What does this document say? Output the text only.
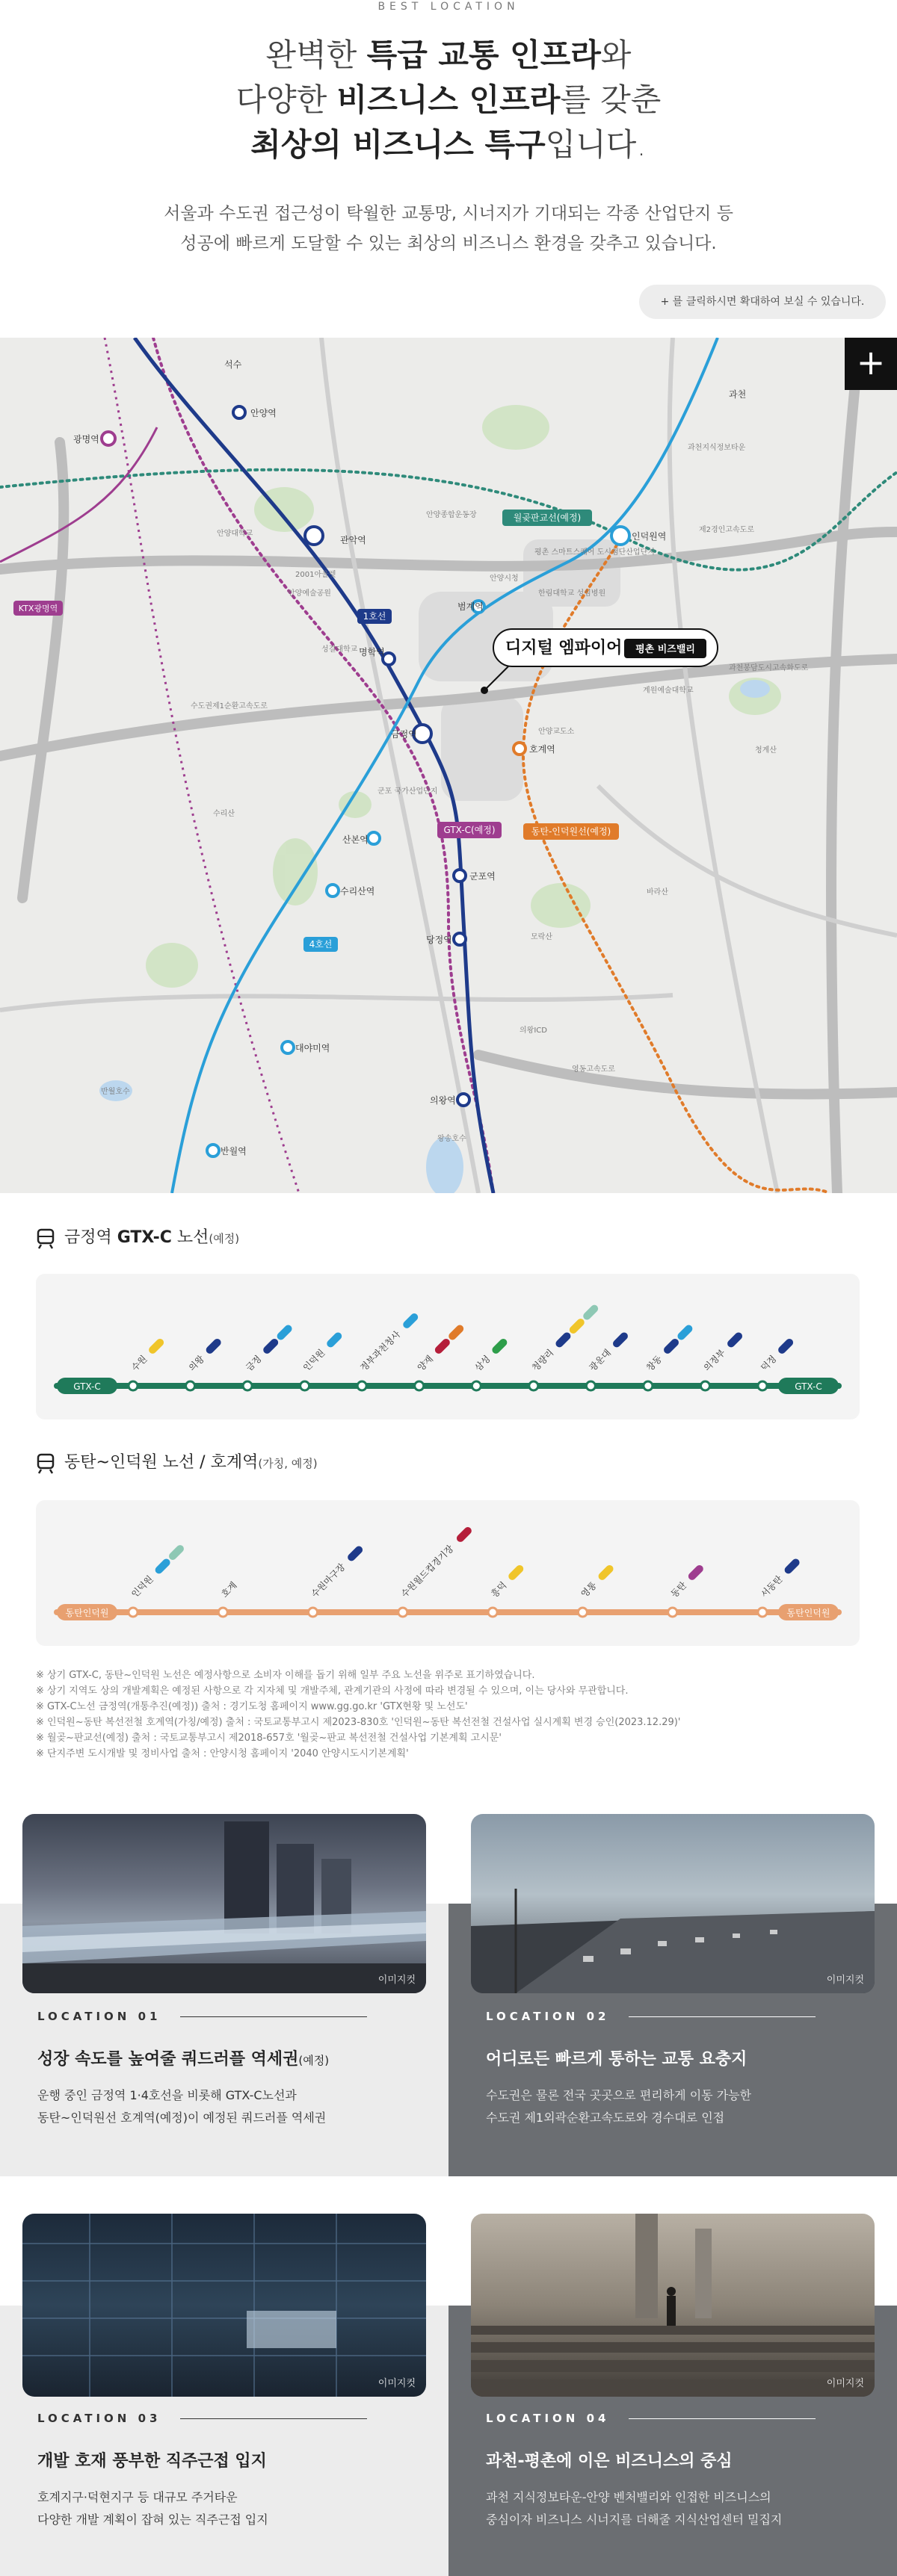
BEST LOCATION
완벽한 특급 교통 인프라와
다양한 비즈니스 인프라를 갖춘
최상의 비즈니스 특구입니다.
서울과 수도권 접근성이 탁월한 교통망, 시너지가 기대되는 각종 산업단지 등
성공에 빠르게 도달할 수 있는 최상의 비즈니스 환경을 갖추고 있습니다.
+ 를 클릭하시면 확대하여 보실 수 있습니다.
안양역
광명역
인덕원역
범계역
금정역
명학역
군포역
당정역
의왕역
산본역
수리산역
대야미역
반월역
호계역
과천
석수
관악역
안양종합운동장
안양대학교
2001아울렛	안양시청
평촌 스마트스퀘어 도시첨단산업단지
한림대학교 성심병원
제2경인고속도로
과천봉담도시고속화도로
안양예술공원
성결대학교
군포 국가산업단지
수리산
반월호수
의왕ICD
왕송호수
바라산
모락산
안양교도소
영동고속도로
수도권제1순환고속도로
계원예술대학교
과천지식정보타운
청계산
1호선
4호선
GTX-C(예정)	동탄-인덕원선(예정)
월곶판교선(예정)
KTX광명역
디지털 엠파이어 평촌 비즈밸리
+
금정역 GTX-C 노선(예정)
GTX-C	GTX-C
수원	의왕	금정	인덕원	정부과천청사 양재	삼성	청량리	광운대	창동	의정부	덕정
동탄~인덕원 노선 / 호계역(가칭, 예정)
동탄인덕원	동탄인덕원
인덕원	호계	수원마구장	수원월드컵경기장	흥덕	영통	동탄	서동탄
※ 상기 GTX-C, 동탄~인덕원 노선은 예정사항으로 소비자 이해를 돕기 위해 일부 주요 노선을 위주로 표기하였습니다.
※ 상기 지역도 상의 개발계획은 예정된 사항으로 각 지자체 및 개발주체, 관계기관의 사정에 따라 변경될 수 있으며, 이는 당사와 무관합니다.
※ GTX-C노선 금정역(개통추진(예정)) 출처 : 경기도청 홈페이지 www.gg.go.kr 'GTX현황 및 노선도'
※ 인덕원~동탄 복선전철 호계역(가칭/예정) 출처 : 국토교통부고시 제2023-830호 '인덕원~동탄 복선전철 건설사업 실시계획 변경 승인(2023.12.29)'
※ 월곶~판교선(예정) 출처 : 국토교통부고시 제2018-657호 '월곶~판교 복선전철 건설사업 기본계획 고시문'
※ 단지주변 도시개발 및 정비사업 출처 : 안양시청 홈페이지 '2040 안양시도시기본계획'
이미지컷	이미지컷
이미지컷	이미지컷
LOCATION 01
성장 속도를 높여줄 쿼드러플 역세권(예정)
운행 중인 금정역 1·4호선을 비롯해 GTX-C노선과
동탄~인덕원선 호계역(예정)이 예정된 쿼드러플 역세권
LOCATION 02
어디로든 빠르게 통하는 교통 요충지
수도권은 물론 전국 곳곳으로 편리하게 이동 가능한
수도권 제1외곽순환고속도로와 경수대로 인접
LOCATION 03
개발 호재 풍부한 직주근접 입지
호계지구·덕현지구 등 대규모 주거타운
다양한 개발 계획이 잡혀 있는 직주근접 입지
LOCATION 04
과천-평촌에 이은 비즈니스의 중심
과천 지식정보타운-안양 벤처밸리와 인접한 비즈니스의
중심이자 비즈니스 시너지를 더해줄 지식산업센터 밀집지
